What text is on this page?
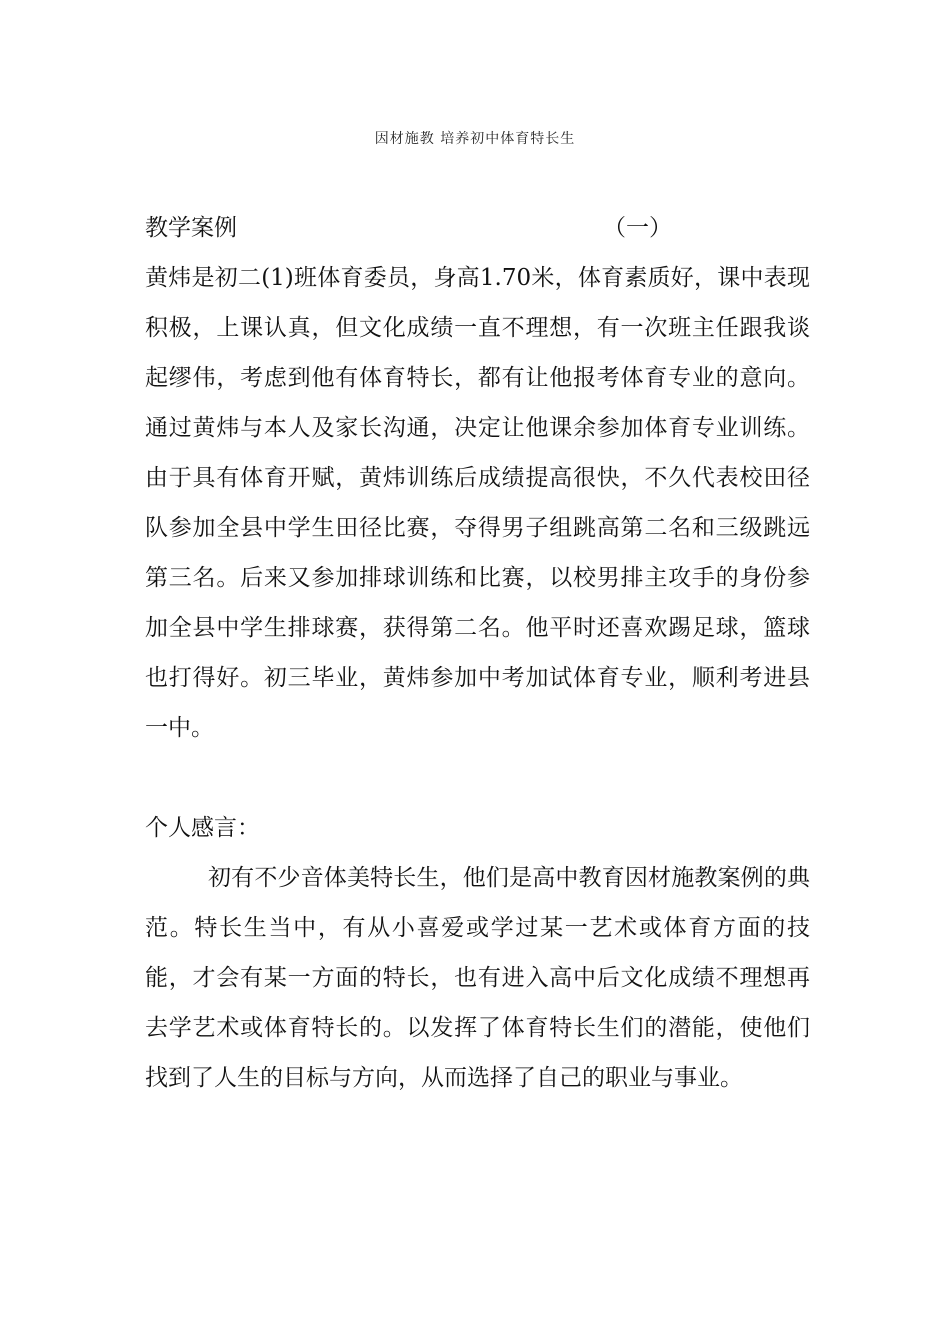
因材施教 培养初中体育特长生
教学案例	（一）

黄炜是初二(1)班体育委员，身高1.70米，体育素质好，课中表现积极，上课认真，但文化成绩一直不理想，有一次班主任跟我谈起缪伟，考虑到他有体育特长，都有让他报考体育专业的意向。通过黄炜与本人及家长沟通，决定让他课余参加体育专业训练。由于具有体育开赋，黄炜训练后成绩提高很快，不久代表校田径队参加全县中学生田径比赛，夺得男子组跳高第二名和三级跳远第三名。后来又参加排球训练和比赛，以校男排主攻手的身份参加全县中学生排球赛，获得第二名。他平时还喜欢踢足球，篮球也打得好。初三毕业，黄炜参加中考加试体育专业，顺利考进县一中。

个人感言：

初有不少音体美特长生，他们是高中教育因材施教案例的典范。特长生当中，有从小喜爱或学过某一艺术或体育方面的技能，才会有某一方面的特长，也有进入高中后文化成绩不理想再去学艺术或体育特长的。以发挥了体育特长生们的潜能，使他们找到了人生的目标与方向，从而选择了自己的职业与事业。
